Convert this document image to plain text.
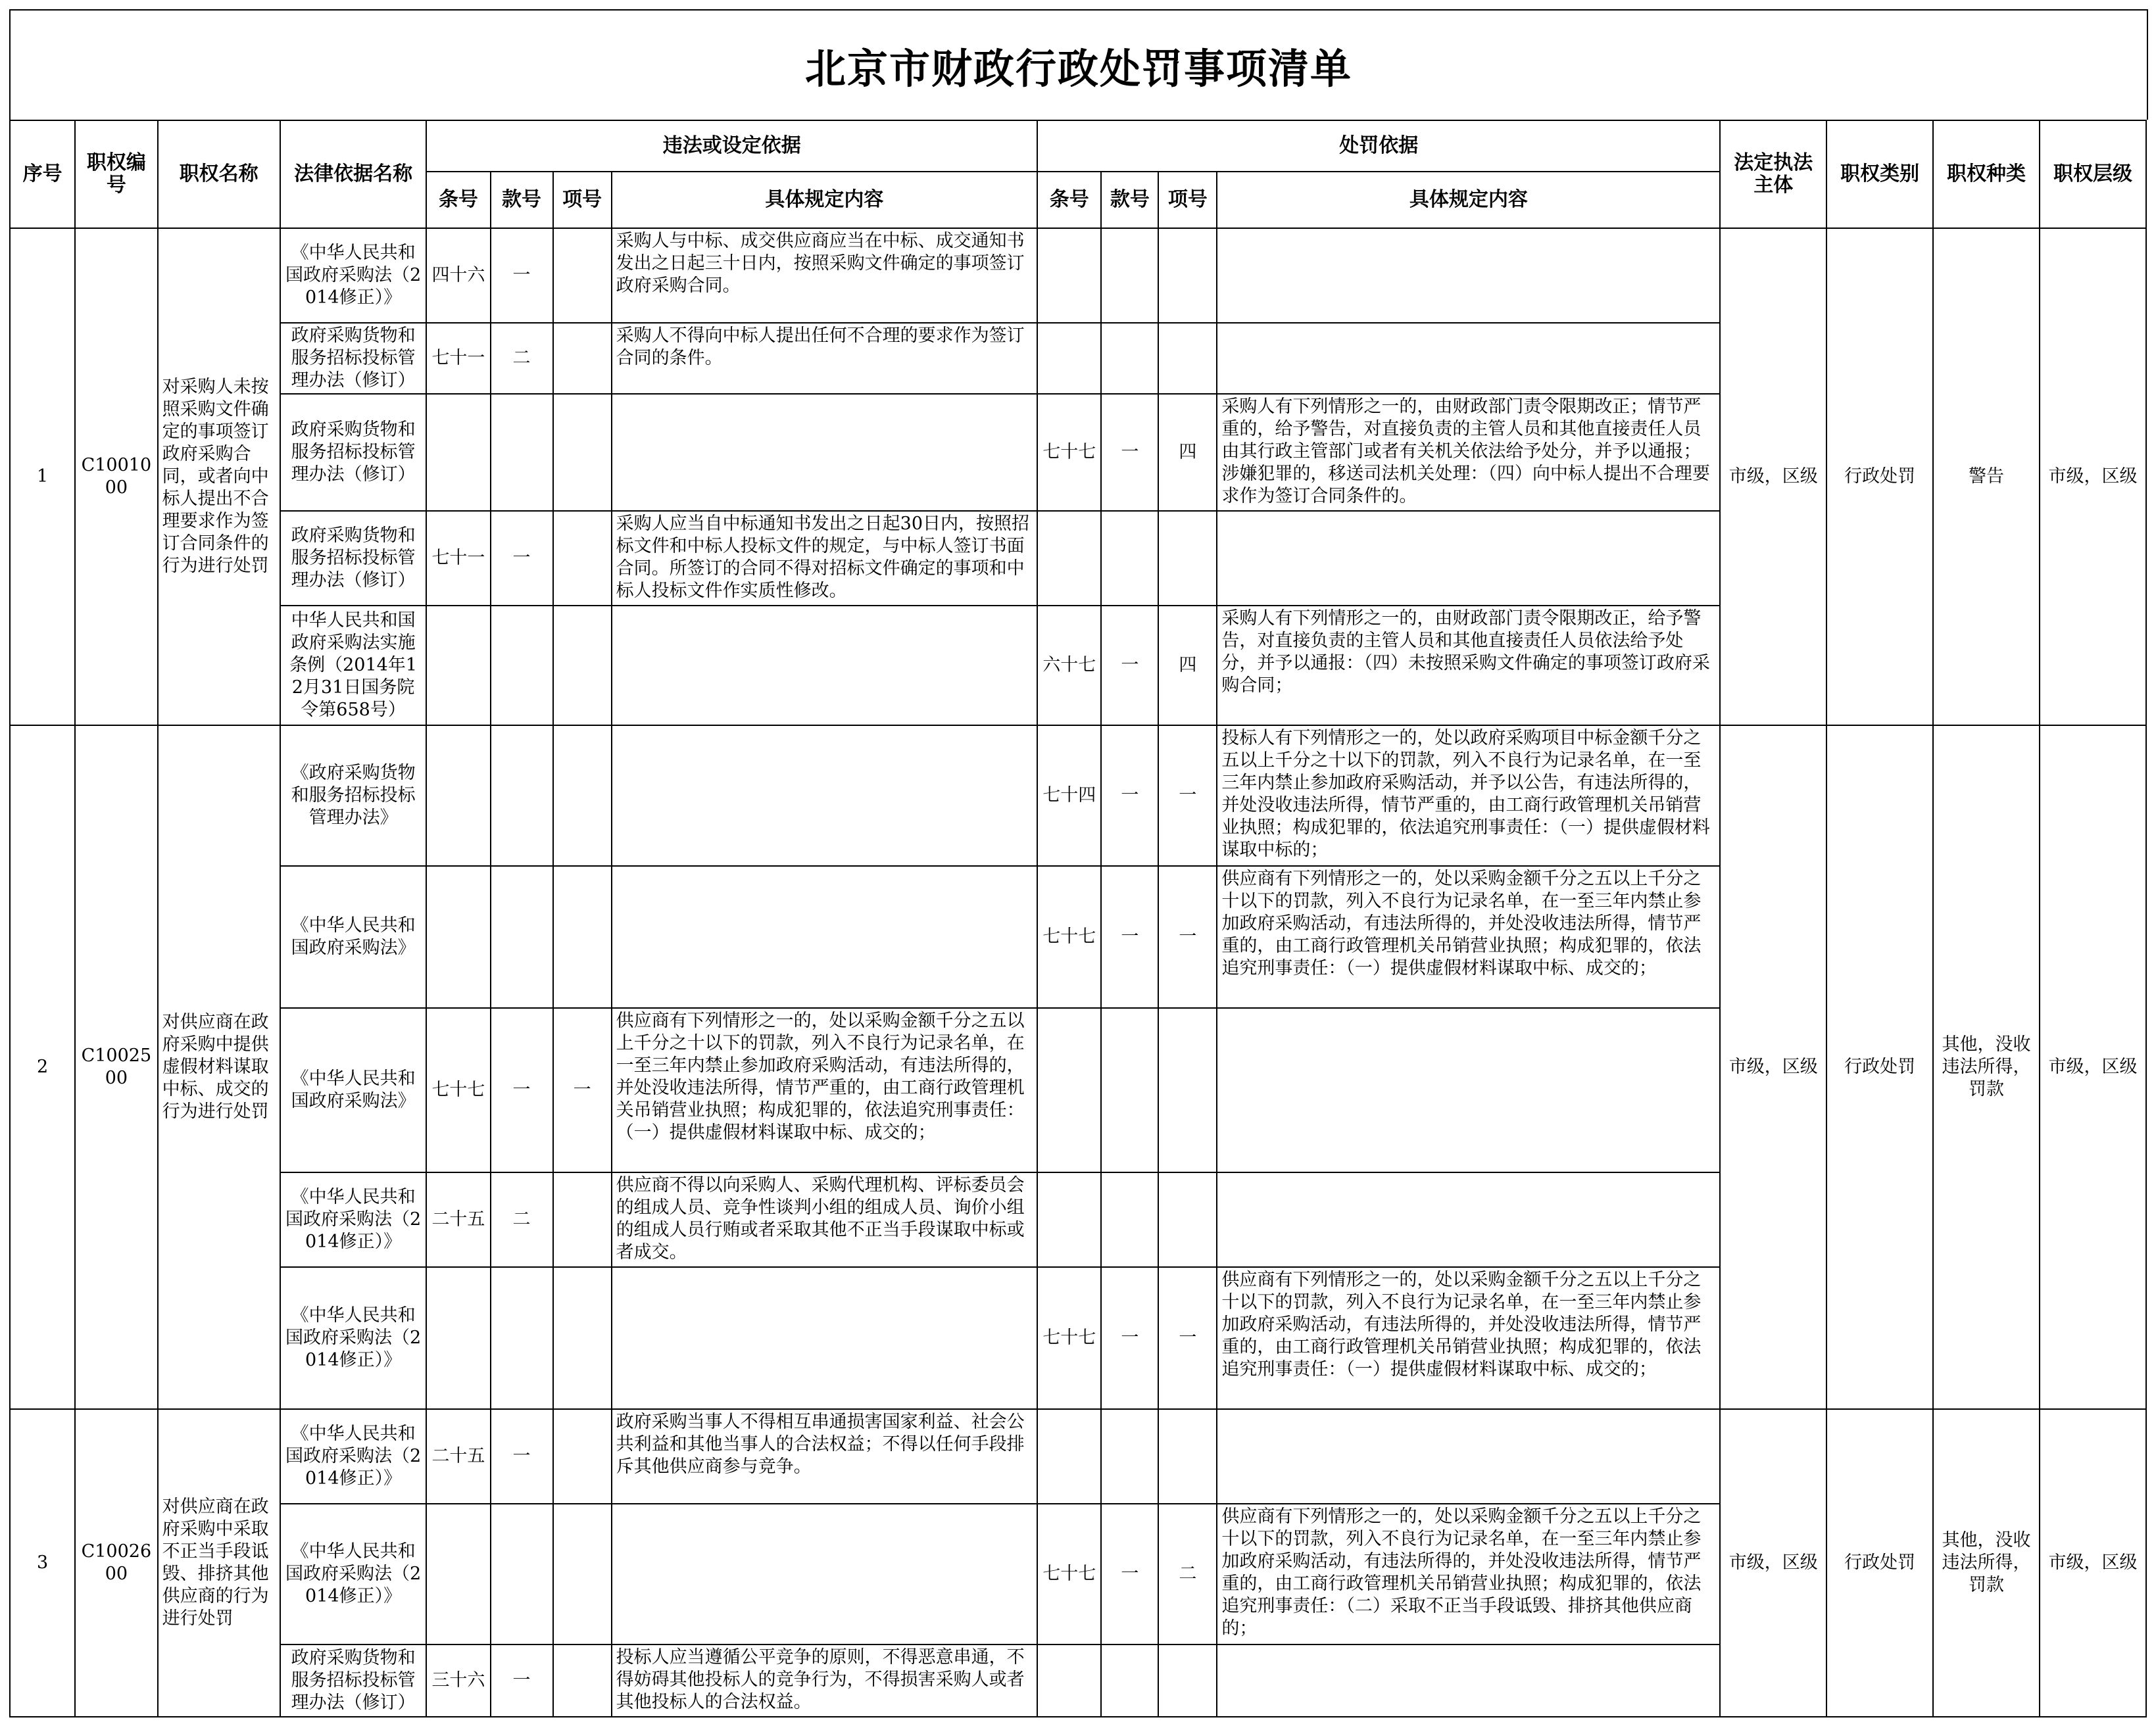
北京市财政行政处罚事项清单
序号	职权编号	职权名称	法律依据名称	违法或设定依据				处罚依据				法定执法主体	职权类别	职权种类	职权层级
				条号	款号	项号	具体规定内容	条号	款号	项号	具体规定内容				
1	C1001000	对采购人未按照采购文件确定的事项签订政府采购合同，或者向中标人提出不合理要求作为签订合同条件的行为进行处罚	《中华人民共和国政府采购法（2014修正）》	四十六	一		采购人与中标、成交供应商应当在中标、成交通知书发出之日起三十日内，按照采购文件确定的事项签订政府采购合同。					市级，区级	行政处罚	警告	市级，区级
			政府采购货物和服务招标投标管理办法（修订）	七十一	二		采购人不得向中标人提出任何不合理的要求作为签订合同的条件。								
			政府采购货物和服务招标投标管理办法（修订）					七十七	一	四	采购人有下列情形之一的，由财政部门责令限期改正；情节严重的，给予警告，对直接负责的主管人员和其他直接责任人员由其行政主管部门或者有关机关依法给予处分，并予以通报；涉嫌犯罪的，移送司法机关处理：（四）向中标人提出不合理要求作为签订合同条件的。				
			政府采购货物和服务招标投标管理办法（修订）	七十一	一		采购人应当自中标通知书发出之日起30日内，按照招标文件和中标人投标文件的规定，与中标人签订书面合同。所签订的合同不得对招标文件确定的事项和中标人投标文件作实质性修改。								
			中华人民共和国政府采购法实施条例（2014年12月31日国务院令第658号）					六十七	一	四	采购人有下列情形之一的，由财政部门责令限期改正，给予警告，对直接负责的主管人员和其他直接责任人员依法给予处分，并予以通报：（四）未按照采购文件确定的事项签订政府采购合同；				
2	C1002500	对供应商在政府采购中提供虚假材料谋取中标、成交的行为进行处罚	《政府采购货物和服务招标投标管理办法》					七十四	一	一	投标人有下列情形之一的，处以政府采购项目中标金额千分之五以上千分之十以下的罚款，列入不良行为记录名单，在一至三年内禁止参加政府采购活动，并予以公告，有违法所得的，并处没收违法所得，情节严重的，由工商行政管理机关吊销营业执照；构成犯罪的，依法追究刑事责任：（一）提供虚假材料谋取中标的；	市级，区级	行政处罚	其他，没收违法所得，罚款	市级，区级
			《中华人民共和国政府采购法》					七十七	一	一	供应商有下列情形之一的，处以采购金额千分之五以上千分之十以下的罚款，列入不良行为记录名单，在一至三年内禁止参加政府采购活动，有违法所得的，并处没收违法所得，情节严重的，由工商行政管理机关吊销营业执照；构成犯罪的，依法追究刑事责任：（一）提供虚假材料谋取中标、成交的；				
			《中华人民共和国政府采购法》	七十七	一	一	供应商有下列情形之一的，处以采购金额千分之五以上千分之十以下的罚款，列入不良行为记录名单，在一至三年内禁止参加政府采购活动，有违法所得的，并处没收违法所得，情节严重的，由工商行政管理机关吊销营业执照；构成犯罪的，依法追究刑事责任：（一）提供虚假材料谋取中标、成交的；								
			《中华人民共和国政府采购法（2014修正）》	二十五	二		供应商不得以向采购人、采购代理机构、评标委员会的组成人员、竞争性谈判小组的组成人员、询价小组的组成人员行贿或者采取其他不正当手段谋取中标或者成交。								
			《中华人民共和国政府采购法（2014修正）》					七十七	一	一	供应商有下列情形之一的，处以采购金额千分之五以上千分之十以下的罚款，列入不良行为记录名单，在一至三年内禁止参加政府采购活动，有违法所得的，并处没收违法所得，情节严重的，由工商行政管理机关吊销营业执照；构成犯罪的，依法追究刑事责任：（一）提供虚假材料谋取中标、成交的；				
3	C1002600	对供应商在政府采购中采取不正当手段诋毁、排挤其他供应商的行为进行处罚	《中华人民共和国政府采购法（2014修正）》	二十五	一		政府采购当事人不得相互串通损害国家利益、社会公共利益和其他当事人的合法权益；不得以任何手段排斥其他供应商参与竞争。					市级，区级	行政处罚	其他，没收违法所得，罚款	市级，区级
			《中华人民共和国政府采购法（2014修正）》					七十七	一	二	供应商有下列情形之一的，处以采购金额千分之五以上千分之十以下的罚款，列入不良行为记录名单，在一至三年内禁止参加政府采购活动，有违法所得的，并处没收违法所得，情节严重的，由工商行政管理机关吊销营业执照；构成犯罪的，依法追究刑事责任：（二）采取不正当手段诋毁、排挤其他供应商的；				
			政府采购货物和服务招标投标管理办法（修订）	三十六	一		投标人应当遵循公平竞争的原则，不得恶意串通，不得妨碍其他投标人的竞争行为，不得损害采购人或者其他投标人的合法权益。								
